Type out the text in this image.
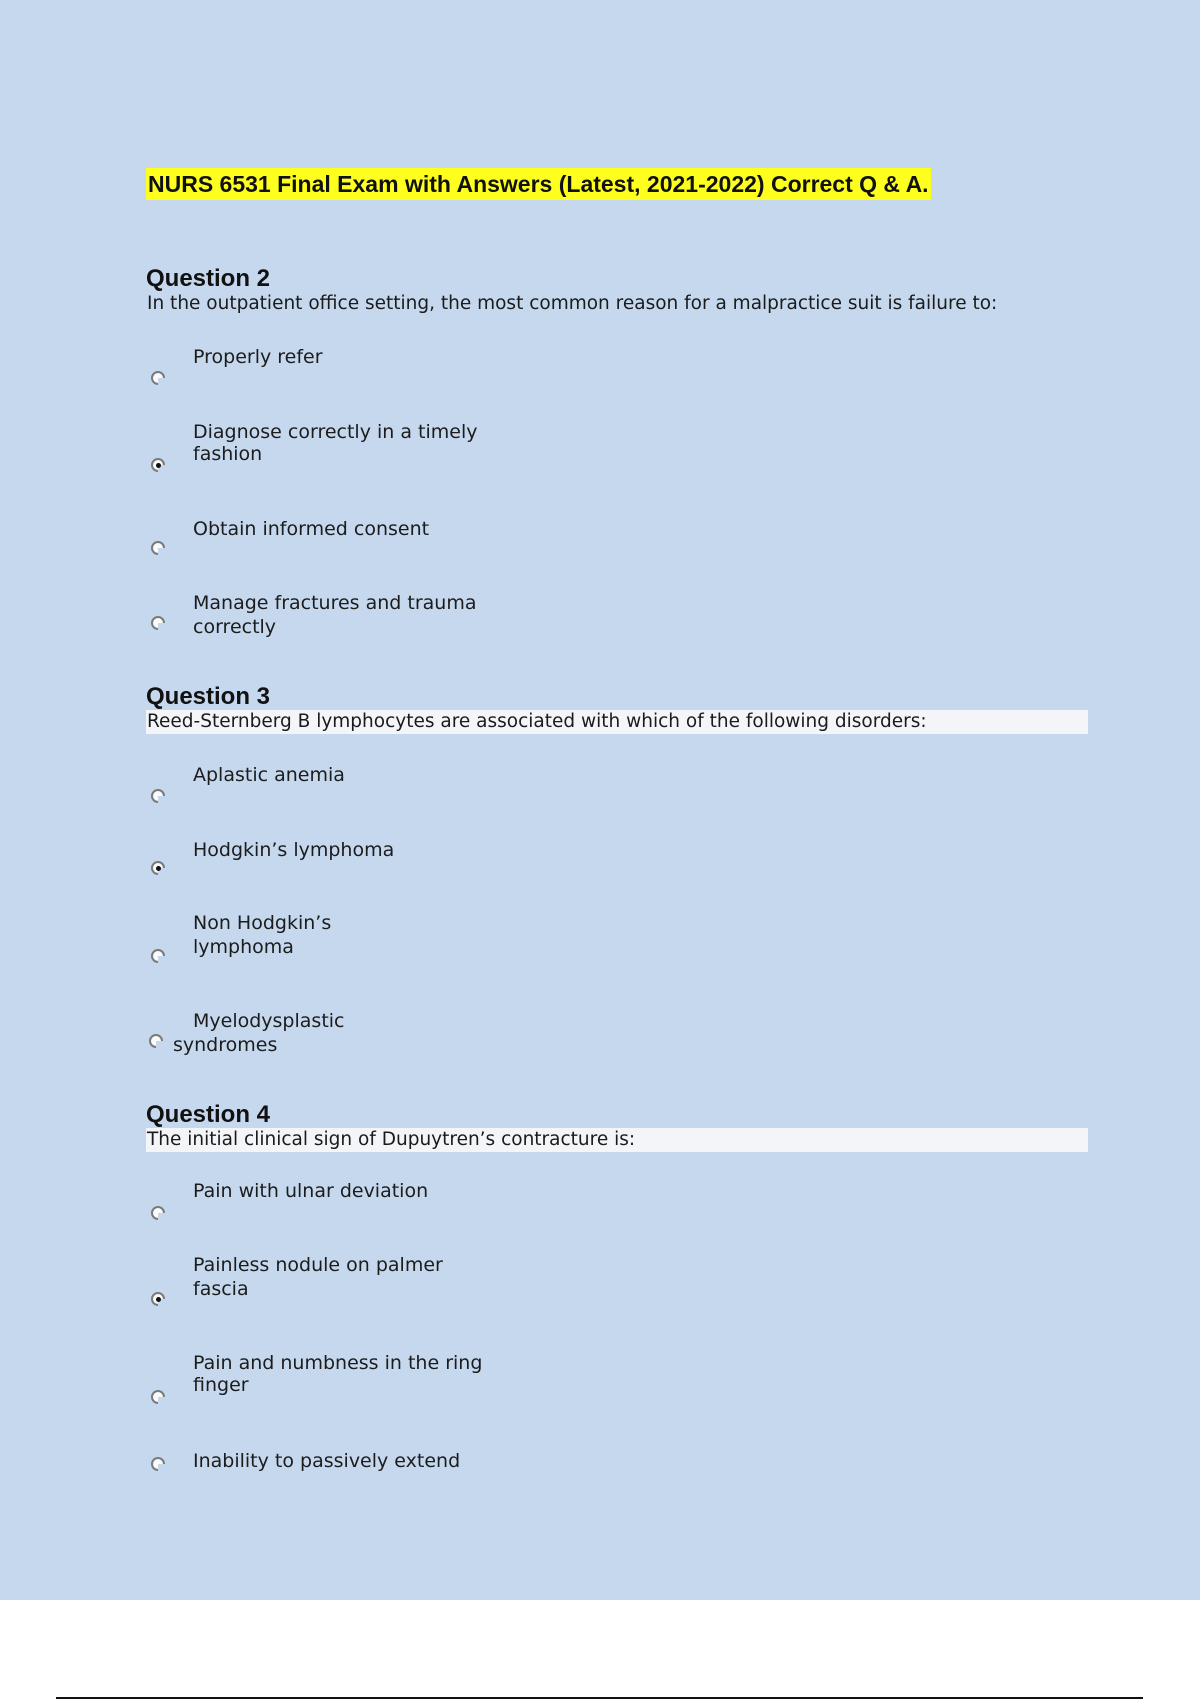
NURS 6531 Final Exam with Answers (Latest, 2021-2022) Correct Q & A.
Question 2
In the outpatient office setting, the most common reason for a malpractice suit is failure to:
Properly refer
Diagnose correctly in a timely
fashion
Obtain informed consent
Manage fractures and trauma
correctly
Question 3
Reed-Sternberg B lymphocytes are associated with which of the following disorders:
Aplastic anemia
Hodgkin’s lymphoma
Non Hodgkin’s
lymphoma
Myelodysplastic
syndromes
Question 4
The initial clinical sign of Dupuytren’s contracture is:
Pain with ulnar deviation
Painless nodule on palmer
fascia
Pain and numbness in the ring
finger
Inability to passively extend
